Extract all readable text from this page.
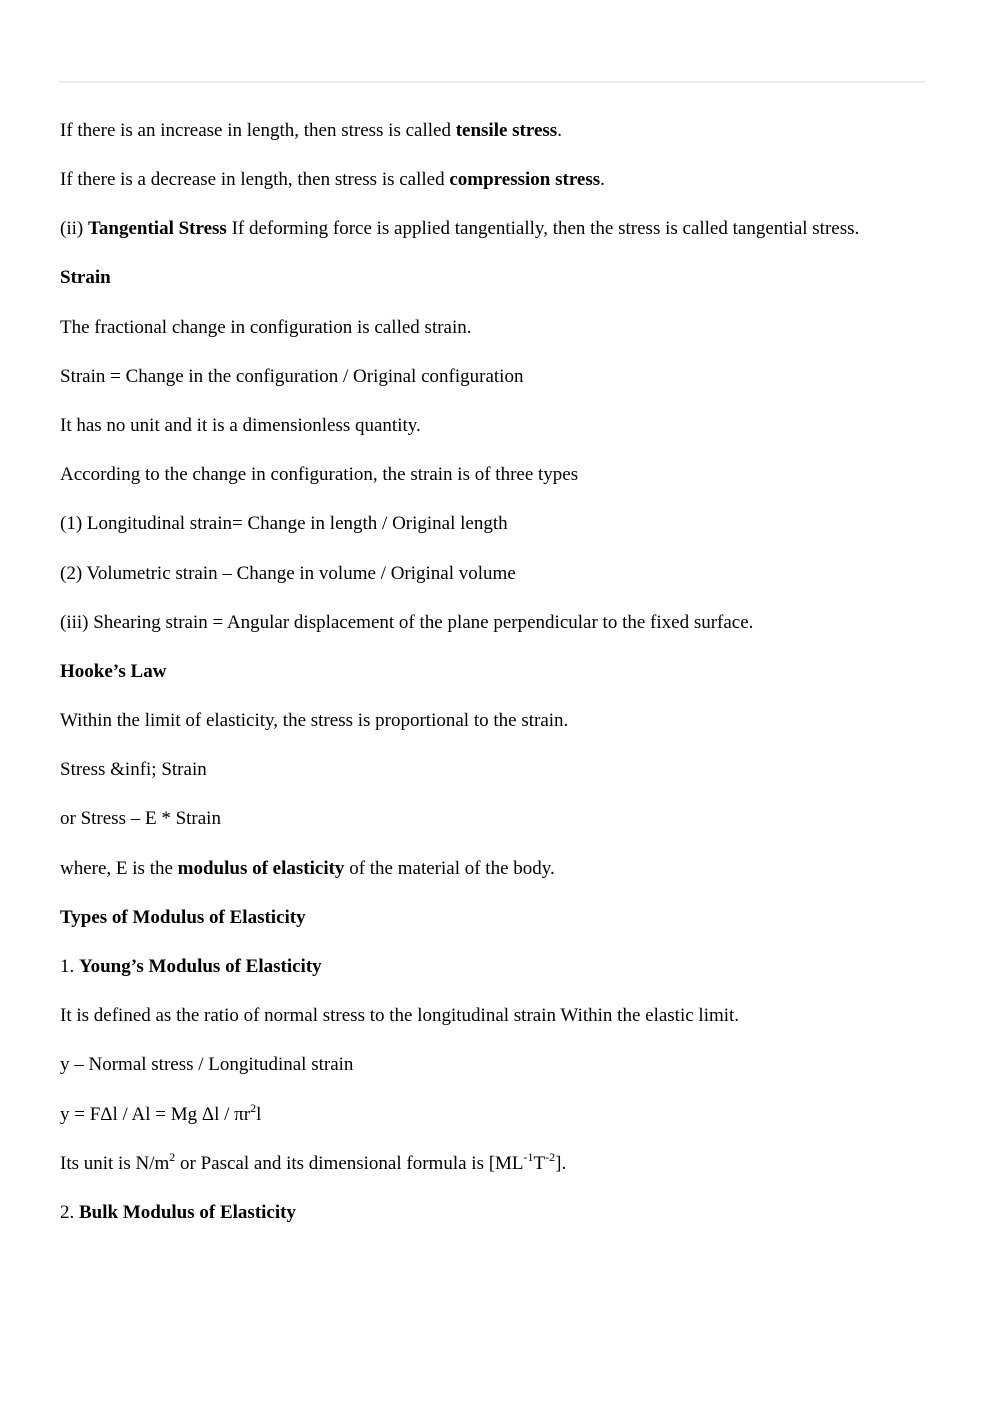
If there is an increase in length, then stress is called tensile stress.

If there is a decrease in length, then stress is called compression stress.

(ii) Tangential Stress If deforming force is applied tangentially, then the stress is called tangential stress.

Strain

The fractional change in configuration is called strain.

Strain = Change in the configuration / Original configuration

It has no unit and it is a dimensionless quantity.

According to the change in configuration, the strain is of three types

(1) Longitudinal strain= Change in length / Original length

(2) Volumetric strain – Change in volume / Original volume

(iii) Shearing strain = Angular displacement of the plane perpendicular to the fixed surface.

Hooke’s Law

Within the limit of elasticity, the stress is proportional to the strain.

Stress &infi; Strain

or Stress – E * Strain

where, E is the modulus of elasticity of the material of the body.

Types of Modulus of Elasticity

1. Young’s Modulus of Elasticity

It is defined as the ratio of normal stress to the longitudinal strain Within the elastic limit.

y – Normal stress / Longitudinal strain

y = FΔl / Al = Mg Δl / $\pi r^2l$

Its unit is $N/m^2$ or Pascal and its dimensional formula is $[ML^{-1}T^{-2}]$.

2. Bulk Modulus of Elasticity
